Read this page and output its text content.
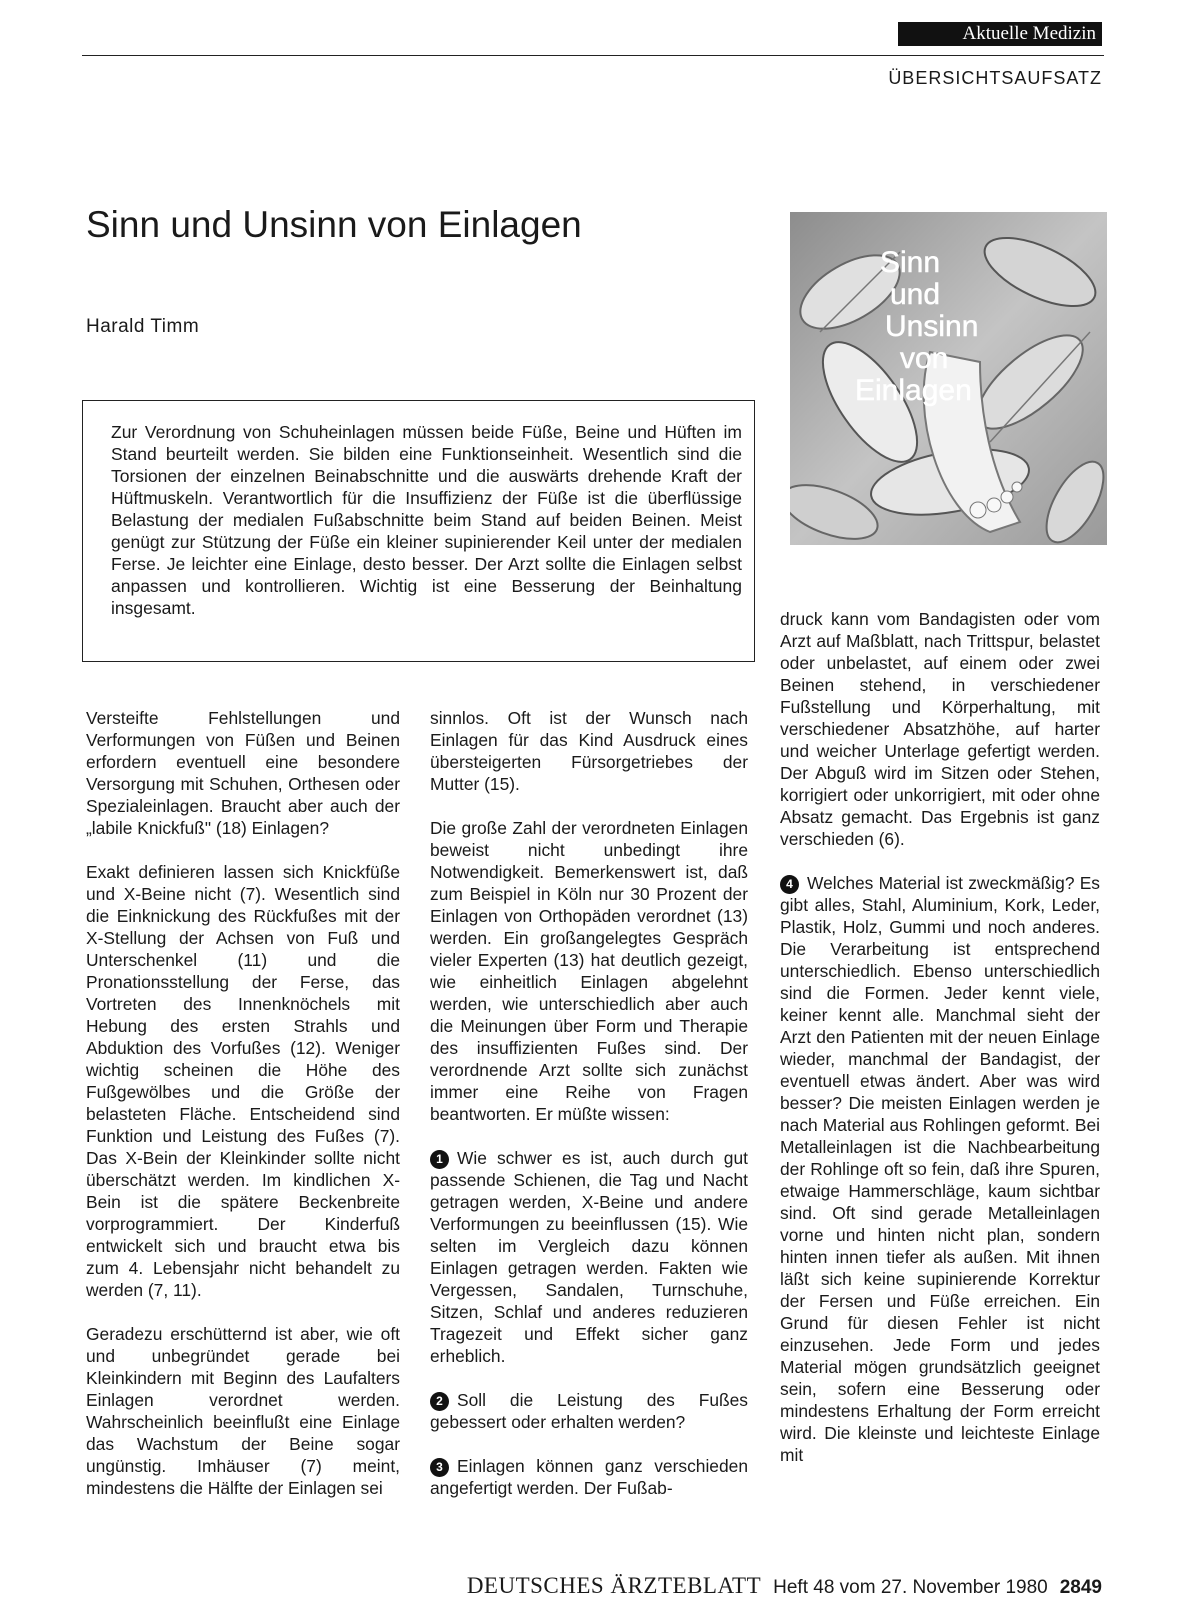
Aktuelle Medizin
ÜBERSICHTSAUFSATZ
Sinn und Unsinn von Einlagen
Harald Timm
Zur Verordnung von Schuheinlagen müssen beide Füße, Beine und Hüften im Stand beurteilt werden. Sie bilden eine Funktionseinheit. Wesentlich sind die Torsionen der einzelnen Beinabschnitte und die auswärts drehende Kraft der Hüftmuskeln. Verantwortlich für die Insuffizienz der Füße ist die überflüssige Belastung der medialen Fußabschnitte beim Stand auf beiden Beinen. Meist genügt zur Stützung der Füße ein kleiner supinierender Keil unter der medialen Ferse. Je leichter eine Einlage, desto besser. Der Arzt sollte die Einlagen selbst anpassen und kontrollieren. Wichtig ist eine Besserung der Beinhaltung insgesamt.
Sinn
und
Unsinn
von
Einlagen

Versteifte Fehlstellungen und Verformungen von Füßen und Beinen erfordern eventuell eine besondere Versorgung mit Schuhen, Orthesen oder Spezialeinlagen. Braucht aber auch der „labile Knickfuß" (18) Einlagen?

Exakt definieren lassen sich Knickfüße und X-Beine nicht (7). Wesentlich sind die Einknickung des Rückfußes mit der X-Stellung der Achsen von Fuß und Unterschenkel (11) und die Pronationsstellung der Ferse, das Vortreten des Innenknöchels mit Hebung des ersten Strahls und Abduktion des Vorfußes (12). Weniger wichtig scheinen die Höhe des Fußgewölbes und die Größe der belasteten Fläche. Entscheidend sind Funktion und Leistung des Fußes (7). Das X-Bein der Kleinkinder sollte nicht überschätzt werden. Im kindlichen X-Bein ist die spätere Beckenbreite vorprogrammiert. Der Kinderfuß entwickelt sich und braucht etwa bis zum 4. Lebensjahr nicht behandelt zu werden (7, 11).

Geradezu erschütternd ist aber, wie oft und unbegründet gerade bei Kleinkindern mit Beginn des Laufalters Einlagen verordnet werden. Wahrscheinlich beeinflußt eine Einlage das Wachstum der Beine sogar ungünstig. Imhäuser (7) meint, mindestens die Hälfte der Einlagen sei

sinnlos. Oft ist der Wunsch nach Einlagen für das Kind Ausdruck eines übersteigerten Fürsorgetriebes der Mutter (15).

Die große Zahl der verordneten Einlagen beweist nicht unbedingt ihre Notwendigkeit. Bemerkenswert ist, daß zum Beispiel in Köln nur 30 Prozent der Einlagen von Orthopäden verordnet (13) werden. Ein großangelegtes Gespräch vieler Experten (13) hat deutlich gezeigt, wie einheitlich Einlagen abgelehnt werden, wie unterschiedlich aber auch die Meinungen über Form und Therapie des insuffizienten Fußes sind. Der verordnende Arzt sollte sich zunächst immer eine Reihe von Fragen beantworten. Er müßte wissen:

1 Wie schwer es ist, auch durch gut passende Schienen, die Tag und Nacht getragen werden, X-Beine und andere Verformungen zu beeinflussen (15). Wie selten im Vergleich dazu können Einlagen getragen werden. Fakten wie Vergessen, Sandalen, Turnschuhe, Sitzen, Schlaf und anderes reduzieren Tragezeit und Effekt sicher ganz erheblich.

2 Soll die Leistung des Fußes gebessert oder erhalten werden?

3 Einlagen können ganz verschieden angefertigt werden. Der Fußab-

druck kann vom Bandagisten oder vom Arzt auf Maßblatt, nach Trittspur, belastet oder unbelastet, auf einem oder zwei Beinen stehend, in verschiedener Fußstellung und Körperhaltung, mit verschiedener Absatzhöhe, auf harter und weicher Unterlage gefertigt werden. Der Abguß wird im Sitzen oder Stehen, korrigiert oder unkorrigiert, mit oder ohne Absatz gemacht. Das Ergebnis ist ganz verschieden (6).

4 Welches Material ist zweckmäßig? Es gibt alles, Stahl, Aluminium, Kork, Leder, Plastik, Holz, Gummi und noch anderes. Die Verarbeitung ist entsprechend unterschiedlich. Ebenso unterschiedlich sind die Formen. Jeder kennt viele, keiner kennt alle. Manchmal sieht der Arzt den Patienten mit der neuen Einlage wieder, manchmal der Bandagist, der eventuell etwas ändert. Aber was wird besser? Die meisten Einlagen werden je nach Material aus Rohlingen geformt. Bei Metalleinlagen ist die Nachbearbeitung der Rohlinge oft so fein, daß ihre Spuren, etwaige Hammerschläge, kaum sichtbar sind. Oft sind gerade Metalleinlagen vorne und hinten nicht plan, sondern hinten innen tiefer als außen. Mit ihnen läßt sich keine supinierende Korrektur der Fersen und Füße erreichen. Ein Grund für diesen Fehler ist nicht einzusehen. Jede Form und jedes Material mögen grundsätzlich geeignet sein, sofern eine Besserung oder mindestens Erhaltung der Form erreicht wird. Die kleinste und leichteste Einlage mit

DEUTSCHES ÄRZTEBLATT Heft 48 vom 27. November 1980 2849
